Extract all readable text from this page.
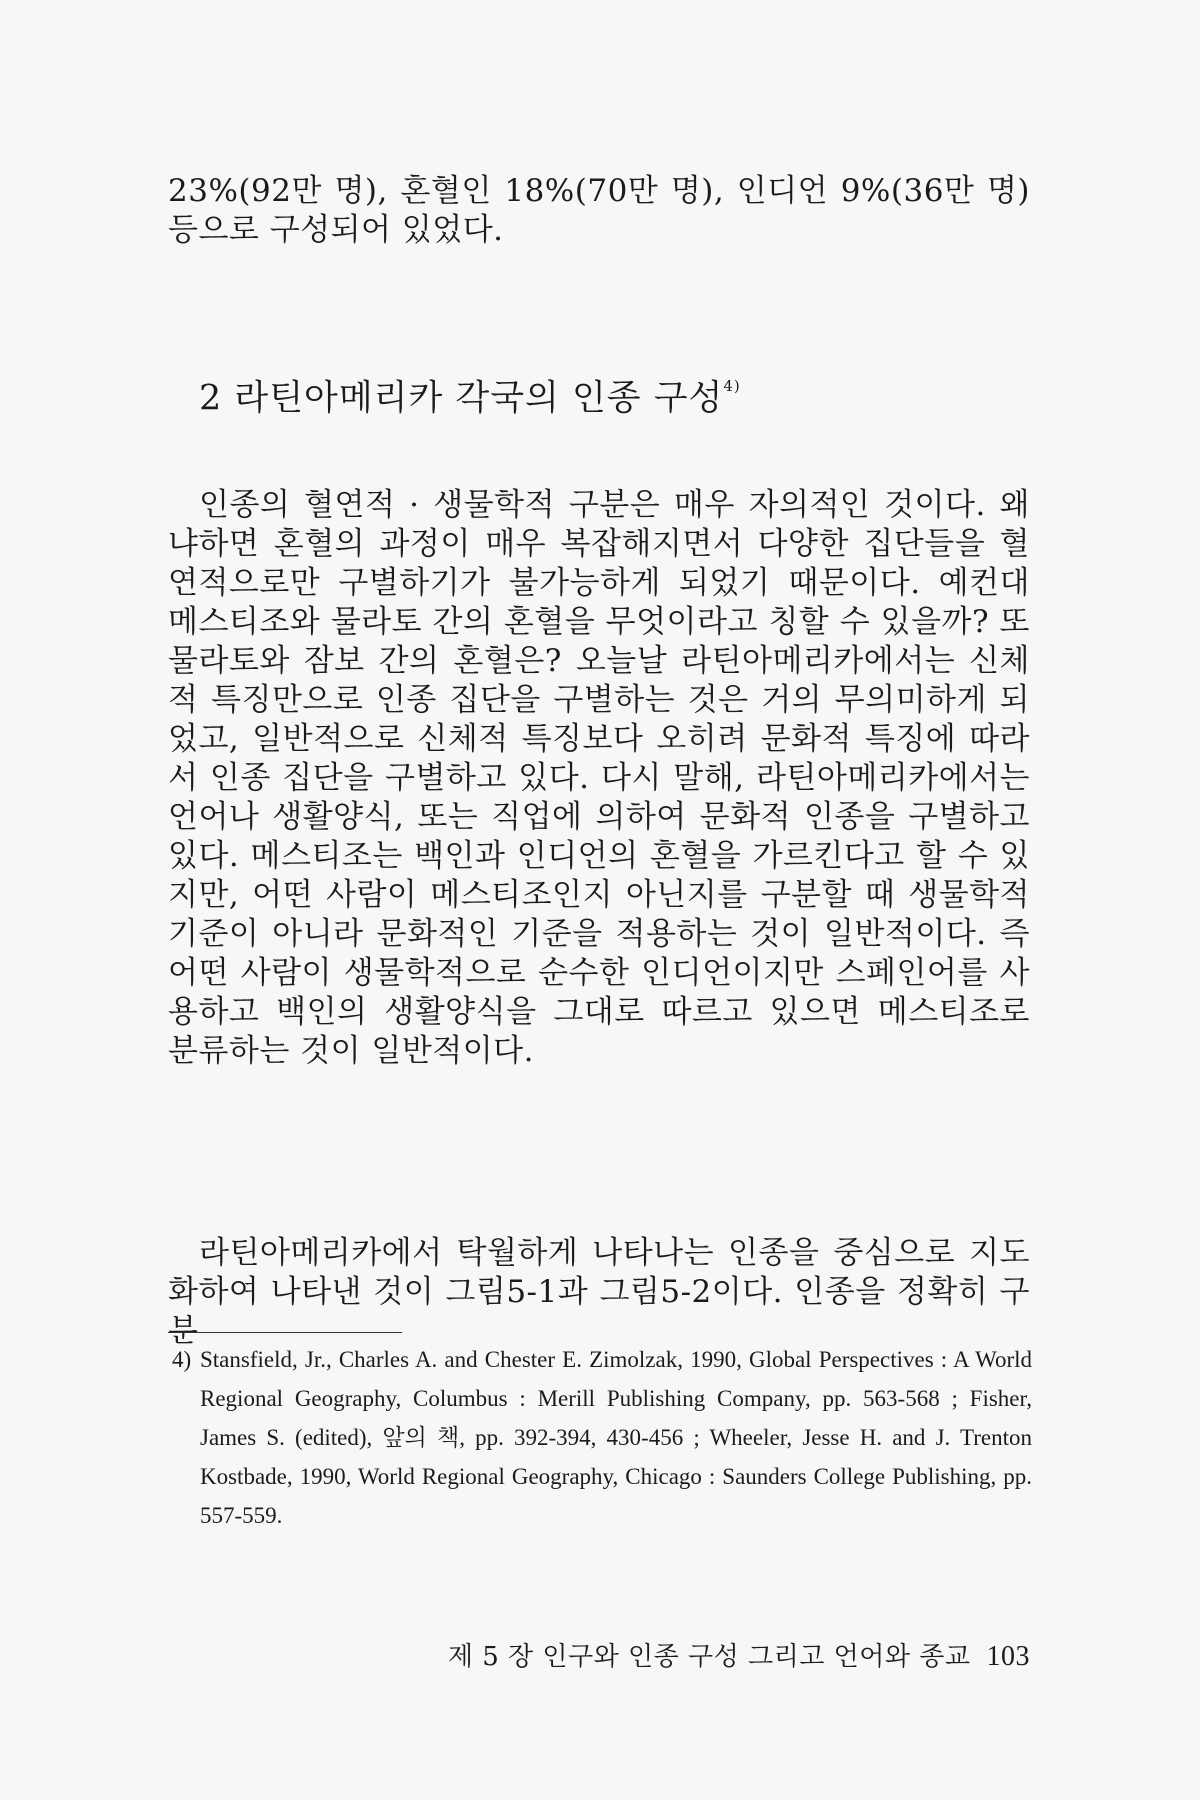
23%(92만 명), 혼혈인 18%(70만 명), 인디언 9%(36만 명) 등으로 구성되어 있었다.

2 라틴아메리카 각국의 인종 구성$^{4)}$

인종의 혈연적 · 생물학적 구분은 매우 자의적인 것이다. 왜냐하면 혼혈의 과정이 매우 복잡해지면서 다양한 집단들을 혈연적으로만 구별하기가 불가능하게 되었기 때문이다. 예컨대 메스티조와 물라토 간의 혼혈을 무엇이라고 칭할 수 있을까? 또 물라토와 잠보 간의 혼혈은? 오늘날 라틴아메리카에서는 신체적 특징만으로 인종 집단을 구별하는 것은 거의 무의미하게 되었고, 일반적으로 신체적 특징보다 오히려 문화적 특징에 따라서 인종 집단을 구별하고 있다. 다시 말해, 라틴아메리카에서는 언어나 생활양식, 또는 직업에 의하여 문화적 인종을 구별하고 있다. 메스티조는 백인과 인디언의 혼혈을 가르킨다고 할 수 있지만, 어떤 사람이 메스티조인지 아닌지를 구분할 때 생물학적 기준이 아니라 문화적인 기준을 적용하는 것이 일반적이다. 즉 어떤 사람이 생물학적으로 순수한 인디언이지만 스페인어를 사용하고 백인의 생활양식을 그대로 따르고 있으면 메스티조로 분류하는 것이 일반적이다.

라틴아메리카에서 탁월하게 나타나는 인종을 중심으로 지도화하여 나타낸 것이 그림5-1과 그림5-2이다. 인종을 정확히 구분

4) Stansfield, Jr., Charles A. and Chester E. Zimolzak, 1990, Global Perspectives : A World Regional Geography, Columbus : Merill Publishing Company, pp. 563-568 ; Fisher, James S. (edited), 앞의 책, pp. 392-394, 430-456 ; Wheeler, Jesse H. and J. Trenton Kostbade, 1990, World Regional Geography, Chicago : Saunders College Publishing, pp. 557-559.

제 5 장 인구와 인종 구성 그리고 언어와 종교 103
